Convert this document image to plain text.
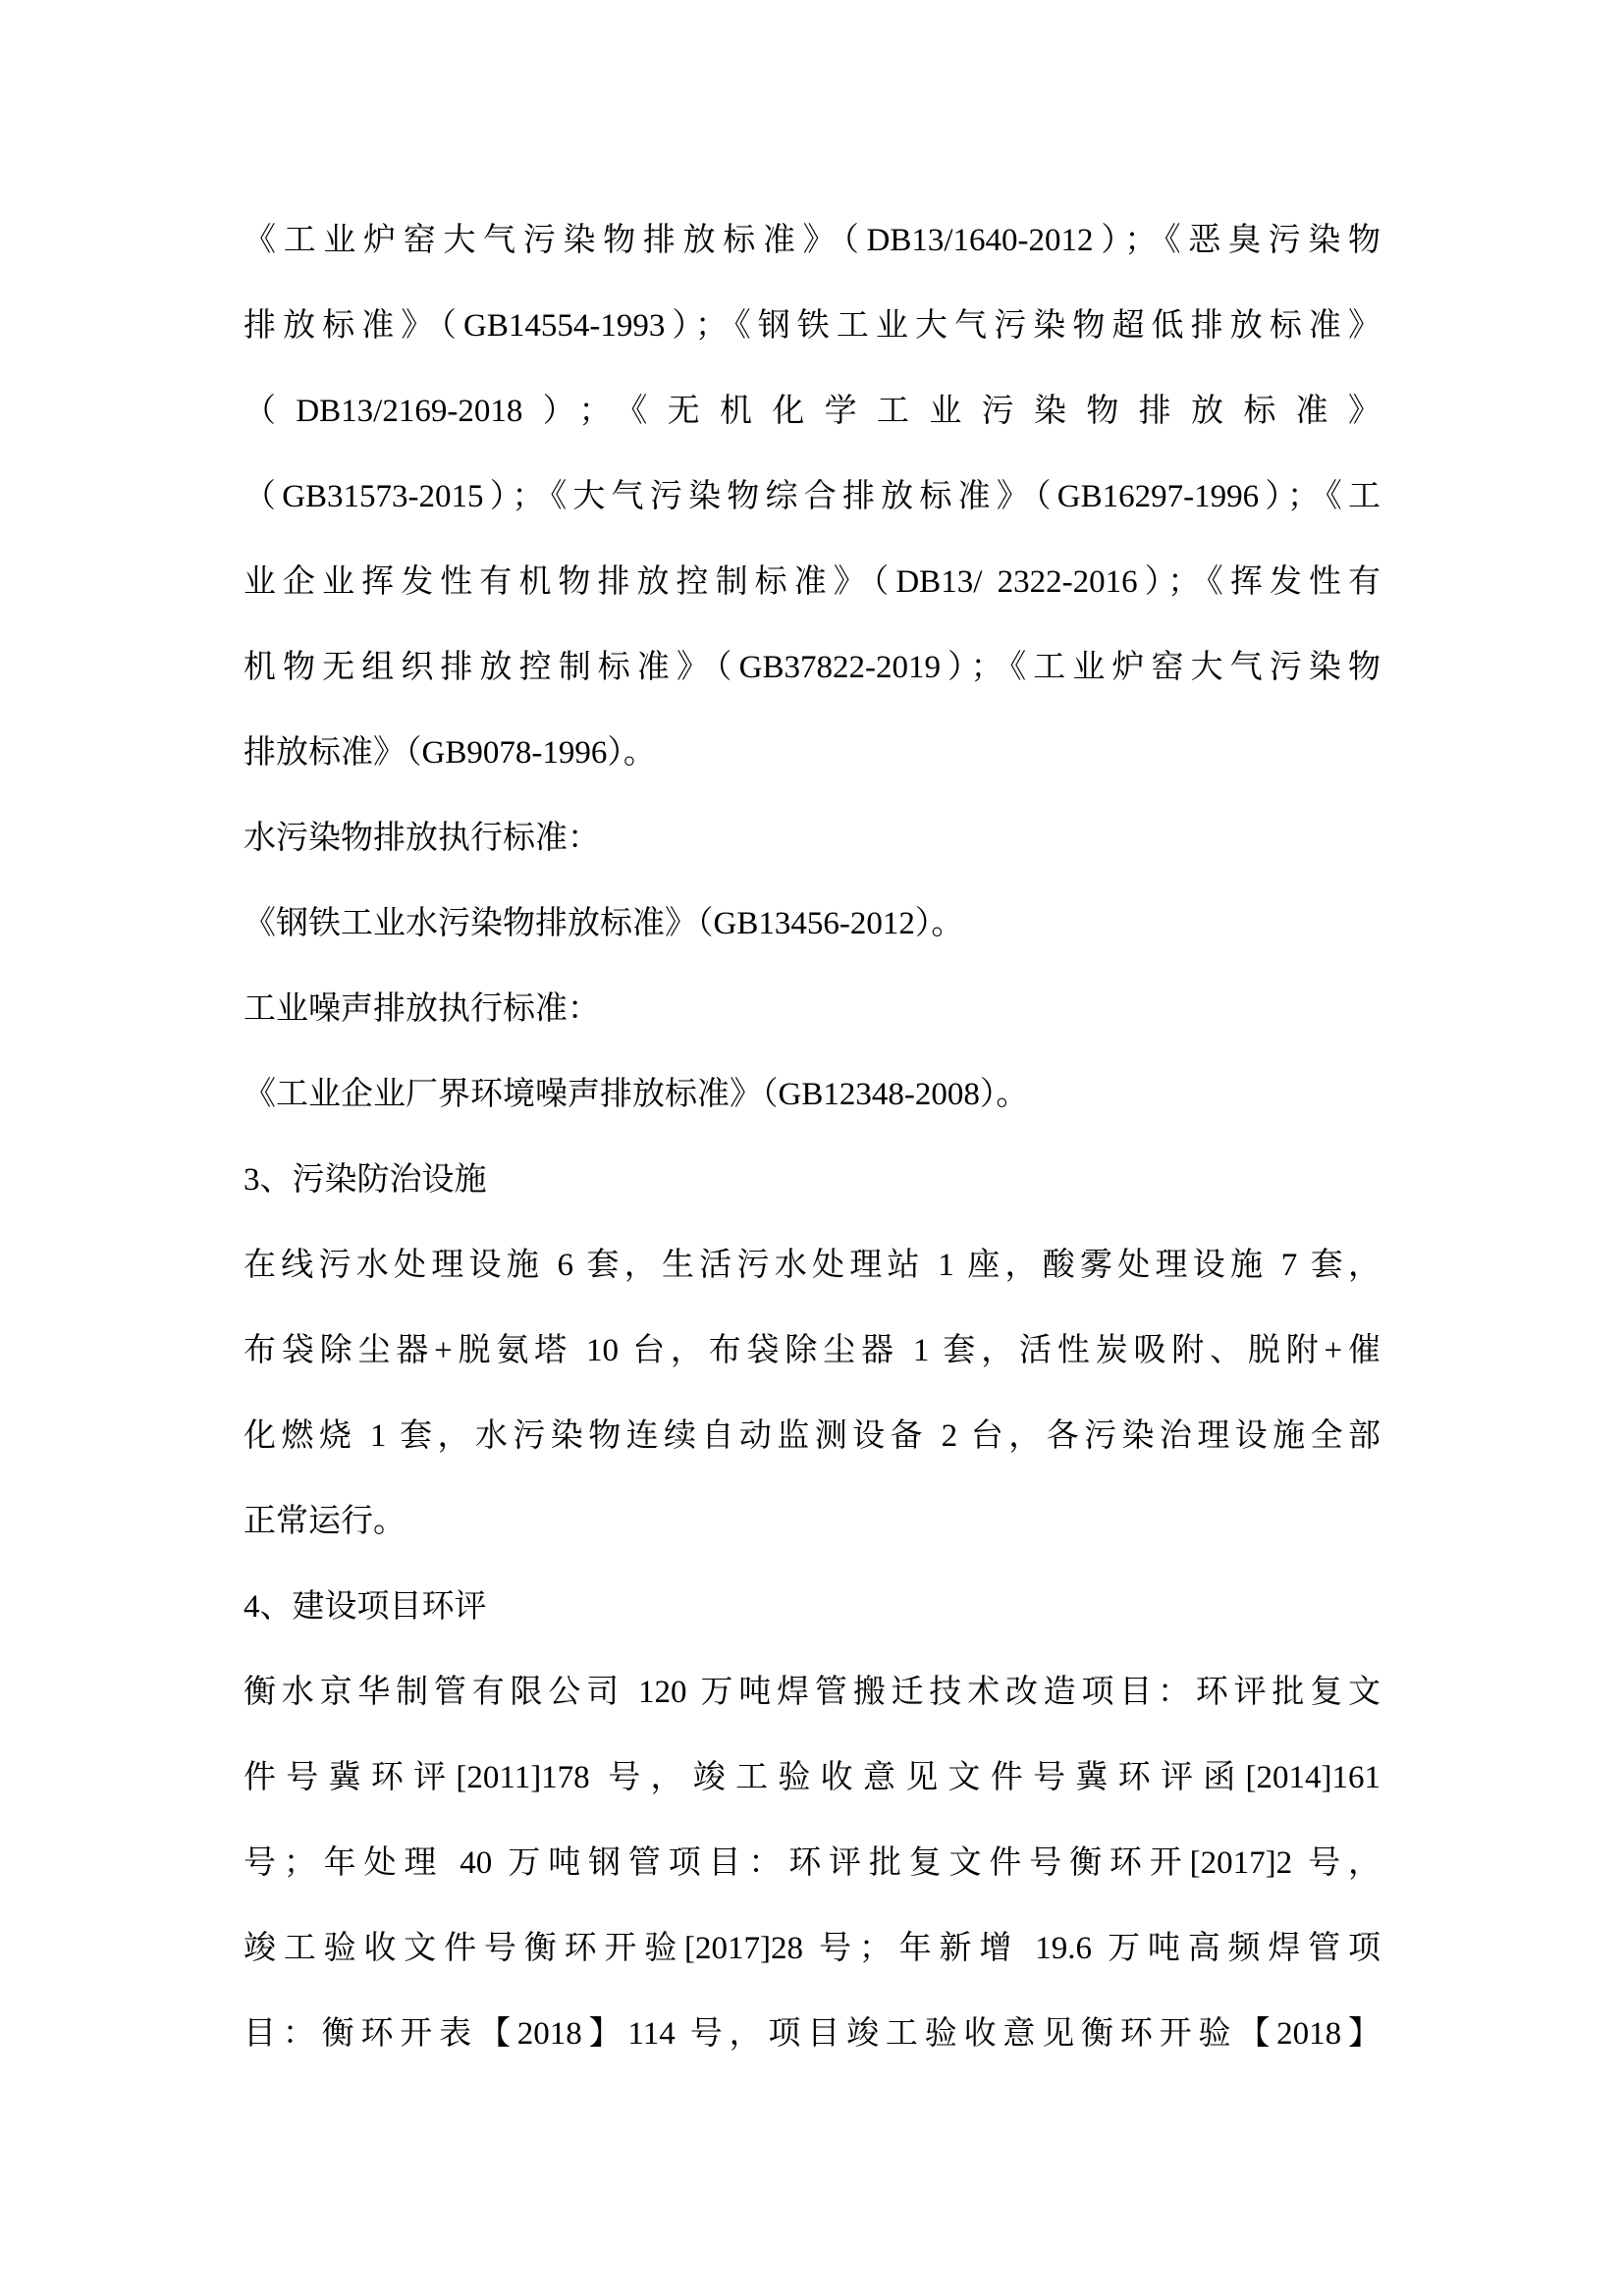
《工业炉窑大气污染物排放标准》（DB13/1640-2012）；《恶臭污染物
排放标准》（GB14554-1993）；《钢铁工业大气污染物超低排放标准》
（DB13/2169-2018）；《无机化学工业污染物排放标准》
（GB31573-2015）；《大气污染物综合排放标准》（GB16297-1996）；《工
业企业挥发性有机物排放控制标准》（DB13/ 2322-2016）；《挥发性有
机物无组织排放控制标准》（GB37822-2019）；《工业炉窑大气污染物
排放标准》（GB9078-1996）。
水污染物排放执行标准：
《钢铁工业水污染物排放标准》（GB13456-2012）。
工业噪声排放执行标准：
《工业企业厂界环境噪声排放标准》（GB12348-2008）。
3、污染防治设施
在线污水处理设施 6 套，生活污水处理站 1 座，酸雾处理设施 7 套，
布袋除尘器+脱氨塔 10 台，布袋除尘器 1 套，活性炭吸附、脱附+催
化燃烧 1 套，水污染物连续自动监测设备 2 台，各污染治理设施全部
正常运行。
4、建设项目环评
衡水京华制管有限公司 120 万吨焊管搬迁技术改造项目：环评批复文
件号冀环评[2011]178 号，竣工验收意见文件号冀环评函[2014]161
号；年处理 40 万吨钢管项目：环评批复文件号衡环开[2017]2 号，
竣工验收文件号衡环开验[2017]28 号；年新增 19.6 万吨高频焊管项
目：衡环开表【2018】114 号，项目竣工验收意见衡环开验【2018】
